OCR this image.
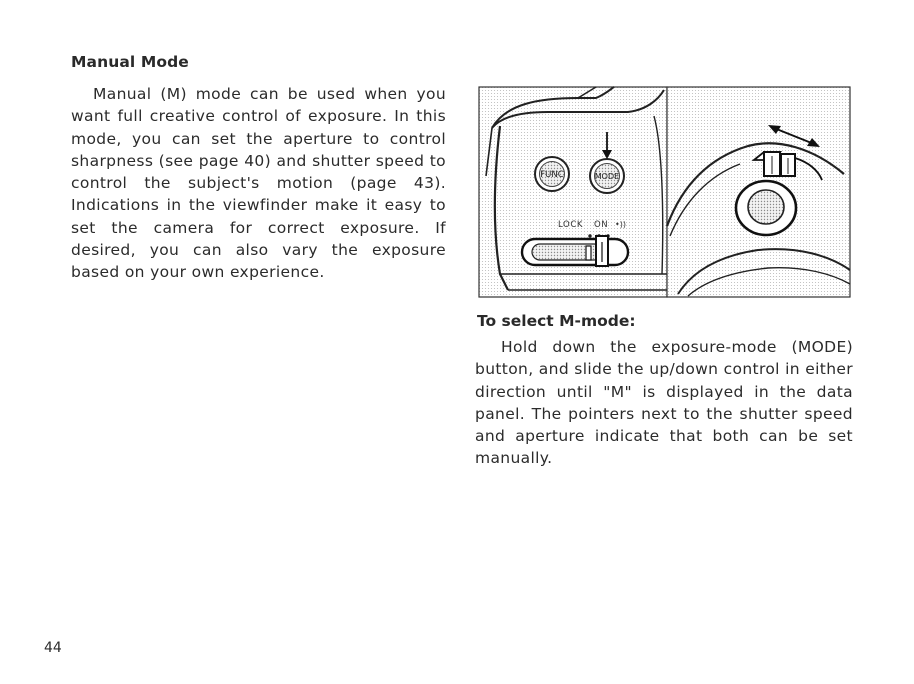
Manual Mode
Manual (M) mode can be used when you want full creative control of exposure. In this mode, you can set the aperture to control sharpness (see page 40) and shutter speed to control the subject's motion (page 43). Indications in the viewfinder make it easy to set the camera for correct exposure. If desired, you can also vary the exposure based on your own experience.
FUNC	MODE
LOCK ON •))
To select M-mode:
Hold down the exposure-mode (MODE) button, and slide the up/down control in either direction until "M" is displayed in the data panel. The pointers next to the shutter speed and aperture indicate that both can be set manually.
44
